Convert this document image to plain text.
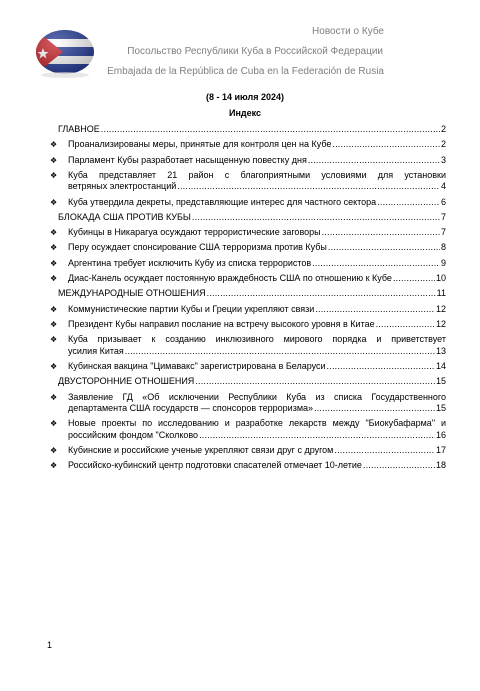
Новости о Кубе
Посольство Республики Куба в Российской Федерации
Embajada de la República de Cuba en la Federación de Rusia
(8 - 14 июля 2024)
Индекс
ГЛАВНОЕ .....	2
❖ Проанализированы меры, принятые для контроля цен на Кубе .....	2
❖ Парламент Кубы разработает насыщенную повестку дня .....	3
❖ Куба представляет 21 район с благоприятными условиями для установки
ветряных электростанций .....	4
❖ Куба утвердила декреты, представляющие интерес для частного сектора .....	6
БЛОКАДА США ПРОТИВ КУБЫ .....	7
❖ Кубинцы в Никарагуа осуждают террористические заговоры .....	7
❖ Перу осуждает спонсирование США терроризма против Кубы .....	8
❖ Аргентина требует исключить Кубу из списка террористов .....	9
❖ Диас-Канель осуждает постоянную враждебность США по отношению к Кубе .....	10
МЕЖДУНАРОДНЫЕ ОТНОШЕНИЯ .....	11
❖ Коммунистические партии Кубы и Греции укрепляют связи .....	12
❖ Президент Кубы направил послание на встречу высокого уровня в Китае .....	12
❖ Куба призывает к созданию инклюзивного мирового порядка и приветствует
усилия Китая .....	13
❖ Кубинская вакцина "Цимавакс" зарегистрирована в Беларуси .....	14
ДВУСТОРОННИЕ ОТНОШЕНИЯ .....	15
❖ Заявление ГД «Об исключении Республики Куба из списка Государственного
департамента США государств — спонсоров терроризма» .....	15
❖ Новые проекты по исследованию и разработке лекарств между "Биокубафарма" и
российским фондом "Сколково .....	16
❖ Кубинские и российские ученые укрепляют связи друг с другом .....	17
❖ Российско-кубинский центр подготовки спасателей отмечает 10-летие .....	18
1
